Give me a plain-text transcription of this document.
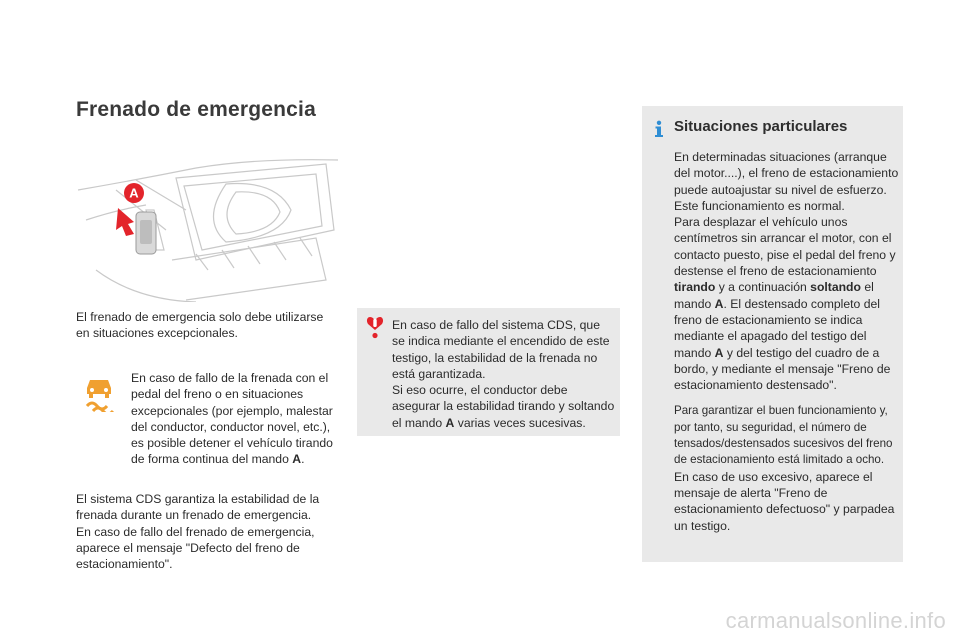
Frenado de emergencia
A

El frenado de emergencia solo debe utilizarse en situaciones excepcionales.

En caso de fallo de la frenada con el pedal del freno o en situaciones excepcionales (por ejemplo, malestar del conductor, conductor novel, etc.), es posible detener el vehículo tirando de forma continua del mando A.

El sistema CDS garantiza la estabilidad de la frenada durante un frenado de emergencia.

En caso de fallo del frenado de emergencia, aparece el mensaje "Defecto del freno de estacionamiento".

En caso de fallo del sistema CDS, que se indica mediante el encendido de este testigo, la estabilidad de la frenada no está garantizada.

Si eso ocurre, el conductor debe asegurar la estabilidad tirando y soltando el mando A varias veces sucesivas.

Situaciones particulares

En determinadas situaciones (arranque del motor....), el freno de estacionamiento puede autoajustar su nivel de esfuerzo. Este funcionamiento es normal.

Para desplazar el vehículo unos centímetros sin arrancar el motor, con el contacto puesto, pise el pedal del freno y destense el freno de estacionamiento tirando y a continuación soltando el mando A. El destensado completo del freno de estacionamiento se indica mediante el apagado del testigo del mando A y del testigo del cuadro de a bordo, y mediante el mensaje "Freno de estacionamiento destensado".

Para garantizar el buen funcionamiento y, por tanto, su seguridad, el número de tensados/destensados sucesivos del freno de estacionamiento está limitado a ocho.

En caso de uso excesivo, aparece el mensaje de alerta "Freno de estacionamiento defectuoso" y parpadea un testigo.

carmanualsonline.info
